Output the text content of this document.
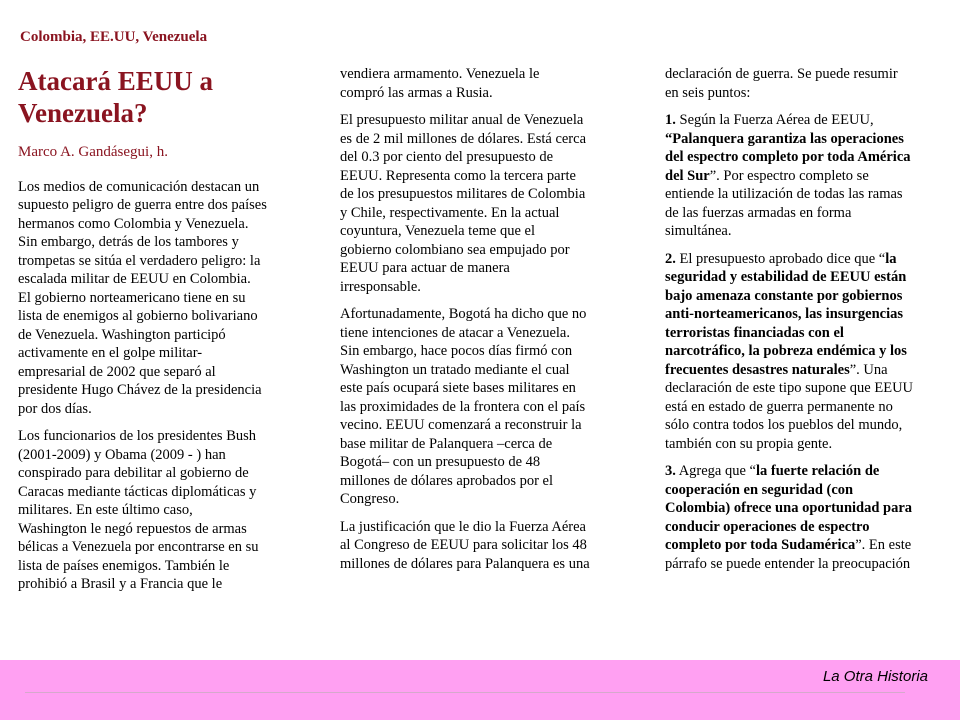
Colombia, EE.UU, Venezuela
Atacará EEUU a
Venezuela?
Marco A. Gandásegui, h.

Los medios de comunicación destacan un
supuesto peligro de guerra entre dos países
hermanos como Colombia y Venezuela.
Sin embargo, detrás de los tambores y
trompetas se sitúa el verdadero peligro: la
escalada militar de EEUU en Colombia.
El gobierno norteamericano tiene en su
lista de enemigos al gobierno bolivariano
de Venezuela. Washington participó
activamente en el golpe militar-
empresarial de 2002 que separó al
presidente Hugo Chávez de la presidencia
por dos días.

Los funcionarios de los presidentes Bush
(2001-2009) y Obama (2009 - ) han
conspirado para debilitar al gobierno de
Caracas mediante tácticas diplomáticas y
militares. En este último caso,
Washington le negó repuestos de armas
bélicas a Venezuela por encontrarse en su
lista de países enemigos. También le
prohibió a Brasil y a Francia que le

vendiera armamento. Venezuela le
compró las armas a Rusia.

El presupuesto militar anual de Venezuela
es de 2 mil millones de dólares. Está cerca
del 0.3 por ciento del presupuesto de
EEUU. Representa como la tercera parte
de los presupuestos militares de Colombia
y Chile, respectivamente. En la actual
coyuntura, Venezuela teme que el
gobierno colombiano sea empujado por
EEUU para actuar de manera
irresponsable.

Afortunadamente, Bogotá ha dicho que no
tiene intenciones de atacar a Venezuela.
Sin embargo, hace pocos días firmó con
Washington un tratado mediante el cual
este país ocupará siete bases militares en
las proximidades de la frontera con el país
vecino. EEUU comenzará a reconstruir la
base militar de Palanquera –cerca de
Bogotá– con un presupuesto de 48
millones de dólares aprobados por el
Congreso.

La justificación que le dio la Fuerza Aérea
al Congreso de EEUU para solicitar los 48
millones de dólares para Palanquera es una

declaración de guerra. Se puede resumir
en seis puntos:

1. Según la Fuerza Aérea de EEUU,
“Palanquera garantiza las operaciones
del espectro completo por toda América
del Sur”. Por espectro completo se
entiende la utilización de todas las ramas
de las fuerzas armadas en forma
simultánea.

2. El presupuesto aprobado dice que “la
seguridad y estabilidad de EEUU están
bajo amenaza constante por gobiernos
anti-norteamericanos, las insurgencias
terroristas financiadas con el
narcotráfico, la pobreza endémica y los
frecuentes desastres naturales”. Una
declaración de este tipo supone que EEUU
está en estado de guerra permanente no
sólo contra todos los pueblos del mundo,
también con su propia gente.

3. Agrega que “la fuerte relación de
cooperación en seguridad (con
Colombia) ofrece una oportunidad para
conducir operaciones de espectro
completo por toda Sudamérica”. En este
párrafo se puede entender la preocupación

La Otra Historia
